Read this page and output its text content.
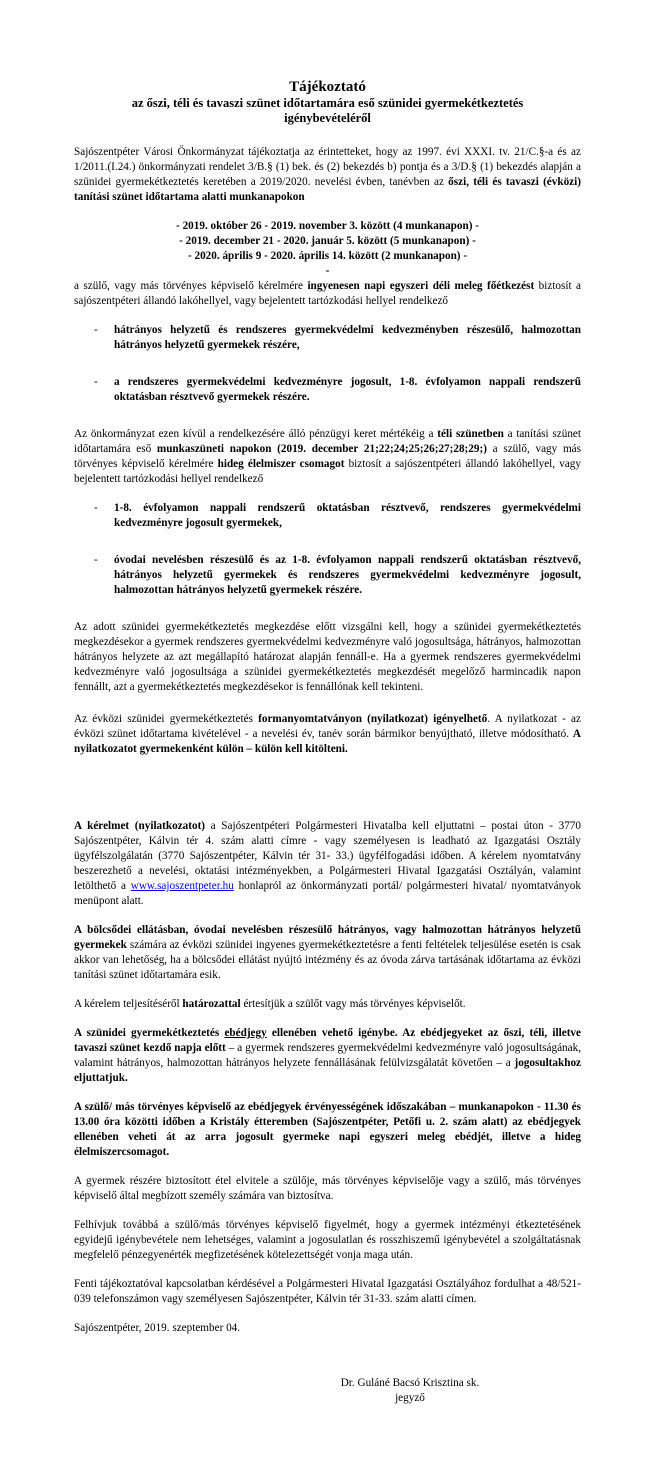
Tájékoztató
az őszi, téli és tavaszi szünet időtartamára eső szünidei gyermekétkeztetés
igénybevételéről

Sajószentpéter Városi Önkormányzat tájékoztatja az érintetteket, hogy az 1997. évi XXXI. tv. 21/C.§-a és az 1/2011.(I.24.) önkormányzati rendelet 3/B.§ (1) bek. és (2) bekezdés b) pontja és a 3/D.§ (1) bekezdés alapján a szünidei gyermekétkeztetés keretében a 2019/2020. nevelési évben, tanévben az őszi, téli és tavaszi (évközi) tanítási szünet időtartama alatti munkanapokon

- 2019. október 26 - 2019. november 3. között (4 munkanapon) -
- 2019. december 21 - 2020. január 5. között (5 munkanapon) -
- 2020. április 9 - 2020. április 14. között (2 munkanapon) -
-

a szülő, vagy más törvényes képviselő kérelmére ingyenesen napi egyszeri déli meleg főétkezést biztosít a sajószentpéteri állandó lakóhellyel, vagy bejelentett tartózkodási hellyel rendelkező

- hátrányos helyzetű és rendszeres gyermekvédelmi kedvezményben részesülő, halmozottan hátrányos helyzetű gyermekek részére,
- a rendszeres gyermekvédelmi kedvezményre jogosult, 1-8. évfolyamon nappali rendszerű oktatásban résztvevő gyermekek részére.

Az önkormányzat ezen kívül a rendelkezésére álló pénzügyi keret mértékéig a téli szünetben a tanítási szünet időtartamára eső munkaszüneti napokon (2019. december 21;22;24;25;26;27;28;29;) a szülő, vagy más törvényes képviselő kérelmére hideg élelmiszer csomagot biztosít a sajószentpéteri állandó lakóhellyel, vagy bejelentett tartózkodási hellyel rendelkező

- 1-8. évfolyamon nappali rendszerű oktatásban résztvevő, rendszeres gyermekvédelmi kedvezményre jogosult gyermekek,
- óvodai nevelésben részesülő és az 1-8. évfolyamon nappali rendszerű oktatásban résztvevő, hátrányos helyzetű gyermekek és rendszeres gyermekvédelmi kedvezményre jogosult, halmozottan hátrányos helyzetű gyermekek részére.

Az adott szünidei gyermekétkeztetés megkezdése előtt vizsgálni kell, hogy a szünidei gyermekétkeztetés megkezdésekor a gyermek rendszeres gyermekvédelmi kedvezményre való jogosultsága, hátrányos, halmozottan hátrányos helyzete az azt megállapító határozat alapján fennáll-e. Ha a gyermek rendszeres gyermekvédelmi kedvezményre való jogosultsága a szünidei gyermekétkeztetés megkezdését megelőző harmincadik napon fennállt, azt a gyermekétkeztetés megkezdésekor is fennállónak kell tekinteni.

Az évközi szünidei gyermekétkeztetés formanyomtatványon (nyilatkozat) igényelhető. A nyilatkozat - az évközi szünet időtartama kivételével - a nevelési év, tanév során bármikor benyújtható, illetve módosítható. A nyilatkozatot gyermekenként külön – külön kell kitölteni.

A kérelmet (nyilatkozatot) a Sajószentpéteri Polgármesteri Hivatalba kell eljuttatni – postai úton - 3770 Sajószentpéter, Kálvin tér 4. szám alatti címre - vagy személyesen is leadható az Igazgatási Osztály ügyfélszolgálatán (3770 Sajószentpéter, Kálvin tér 31- 33.) ügyfélfogadási időben. A kérelem nyomtatvány beszerezhető a nevelési, oktatási intézményekben, a Polgármesteri Hivatal Igazgatási Osztályán, valamint letölthető a www.sajoszentpeter.hu honlapról az önkormányzati portál/ polgármesteri hivatal/ nyomtatványok menüpont alatt.

A bölcsődei ellátásban, óvodai nevelésben részesülő hátrányos, vagy halmozottan hátrányos helyzetű gyermekek számára az évközi szünidei ingyenes gyermekétkeztetésre a fenti feltételek teljesülése esetén is csak akkor van lehetőség, ha a bölcsődei ellátást nyújtó intézmény és az óvoda zárva tartásának időtartama az évközi tanítási szünet időtartamára esik.

A kérelem teljesítéséről határozattal értesítjük a szülőt vagy más törvényes képviselőt.

A szünidei gyermekétkeztetés ebédjegy ellenében vehető igénybe. Az ebédjegyeket az őszi, téli, illetve tavaszi szünet kezdő napja előtt – a gyermek rendszeres gyermekvédelmi kedvezményre való jogosultságának, valamint hátrányos, halmozottan hátrányos helyzete fennállásának felülvizsgálatát követően – a jogosultakhoz eljuttatjuk.

A szülő/ más törvényes képviselő az ebédjegyek érvényességének időszakában – munkanapokon - 11.30 és 13.00 óra közötti időben a Kristály étteremben (Sajószentpéter, Petőfi u. 2. szám alatt) az ebédjegyek ellenében veheti át az arra jogosult gyermeke napi egyszeri meleg ebédjét, illetve a hideg élelmiszercsomagot.

A gyermek részére biztosított étel elvitele a szülője, más törvényes képviselője vagy a szülő, más törvényes képviselő által megbízott személy számára van biztosítva.

Felhívjuk továbbá a szülő/más törvényes képviselő figyelmét, hogy a gyermek intézményi étkeztetésének egyidejű igénybevétele nem lehetséges, valamint a jogosulatlan és rosszhiszemű igénybevétel a szolgáltatásnak megfelelő pénzegyenérték megfizetésének kötelezettségét vonja maga után.

Fenti tájékoztatóval kapcsolatban kérdésével a Polgármesteri Hivatal Igazgatási Osztályához fordulhat a 48/521-039 telefonszámon vagy személyesen Sajószentpéter, Kálvin tér 31-33. szám alatti címen.

Sajószentpéter, 2019. szeptember 04.

Dr. Guláné Bacsó Krisztina sk.
jegyző
